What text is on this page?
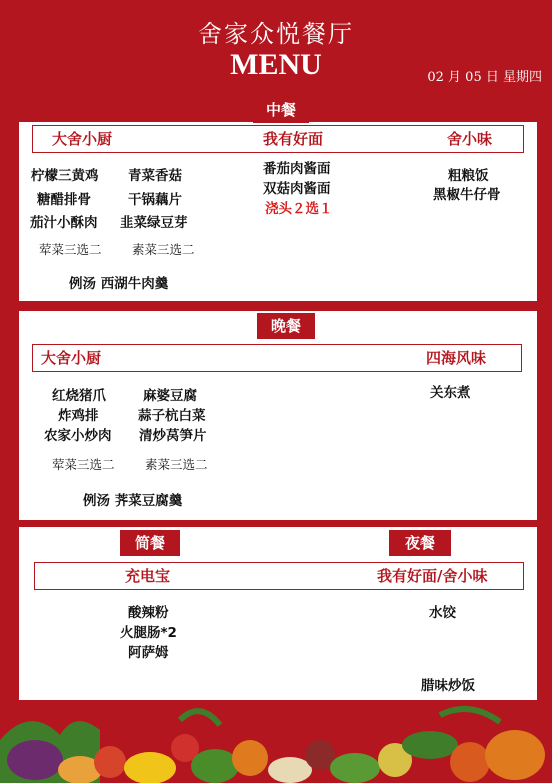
舍家众悦餐厅
MENU	02 月 05 日 星期四
大舍小厨	我有好面	舍小味
柠檬三黄鸡 青菜香菇
糖醋排骨	干锅藕片
茄汁小酥肉 韭菜绿豆芽
荤菜三选二 素菜三选二
例汤 西湖牛肉羹
番茄肉酱面
双菇肉酱面
浇头２选１
粗粮饭
黑椒牛仔骨
中餐
大舍小厨	四海风味
红烧猪爪	麻婆豆腐
炸鸡排	蒜子杭白菜
农家小炒肉 清炒莴笋片
荤菜三选二 素菜三选二
例汤 荠菜豆腐羹
关东煮
晚餐
充电宝	我有好面/舍小味
酸辣粉
火腿肠*2
阿萨姆
水饺
腊味炒饭
简餐	夜餐
